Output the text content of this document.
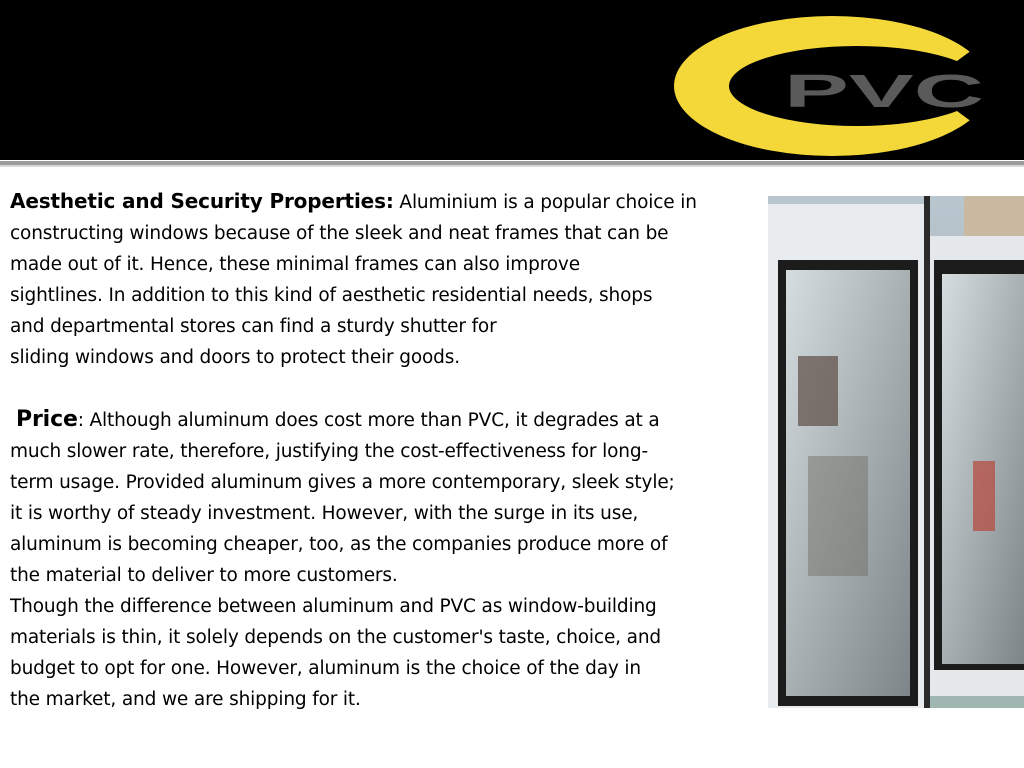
PVC

Aesthetic and Security Properties: Aluminium is a popular choice in

constructing windows because of the sleek and neat frames that can be

made out of it. Hence, these minimal frames can also improve

sightlines. In addition to this kind of aesthetic residential needs, shops

and departmental stores can find a sturdy shutter for

sliding windows and doors to protect their goods.

Price: Although aluminum does cost more than PVC, it degrades at a

much slower rate, therefore, justifying the cost-effectiveness for long-

term usage. Provided aluminum gives a more contemporary, sleek style;

it is worthy of steady investment. However, with the surge in its use,

aluminum is becoming cheaper, too, as the companies produce more of

the material to deliver to more customers.

Though the difference between aluminum and PVC as window-building

materials is thin, it solely depends on the customer's taste, choice, and

budget to opt for one. However, aluminum is the choice of the day in

the market, and we are shipping for it.
